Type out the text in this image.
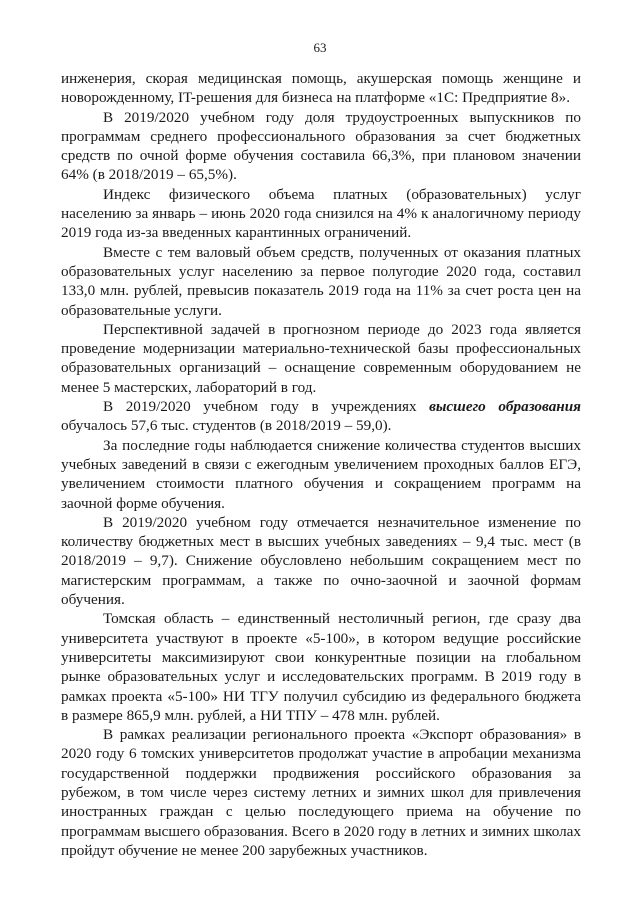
63

инженерия, скорая медицинская помощь, акушерская помощь женщине и новорожденному, IT-решения для бизнеса на платформе «1С: Предприятие 8».

В 2019/2020 учебном году доля трудоустроенных выпускников по программам среднего профессионального образования за счет бюджетных средств по очной форме обучения составила 66,3%, при плановом значении 64% (в 2018/2019 – 65,5%).

Индекс физического объема платных (образовательных) услуг населению за январь – июнь 2020 года снизился на 4% к аналогичному периоду 2019 года из-за введенных карантинных ограничений.

Вместе с тем валовый объем средств, полученных от оказания платных образовательных услуг населению за первое полугодие 2020 года, составил 133,0 млн. рублей, превысив показатель 2019 года на 11% за счет роста цен на образовательные услуги.

Перспективной задачей в прогнозном периоде до 2023 года является проведение модернизации материально-технической базы профессиональных образовательных организаций – оснащение современным оборудованием не менее 5 мастерских, лабораторий в год.

В 2019/2020 учебном году в учреждениях высшего образования обучалось 57,6 тыс. студентов (в 2018/2019 – 59,0).

За последние годы наблюдается снижение количества студентов высших учебных заведений в связи с ежегодным увеличением проходных баллов ЕГЭ, увеличением стоимости платного обучения и сокращением программ на заочной форме обучения.

В 2019/2020 учебном году отмечается незначительное изменение по количеству бюджетных мест в высших учебных заведениях – 9,4 тыс. мест (в 2018/2019 – 9,7). Снижение обусловлено небольшим сокращением мест по магистерским программам, а также по очно-заочной и заочной формам обучения.

Томская область – единственный нестоличный регион, где сразу два университета участвуют в проекте «5-100», в котором ведущие российские университеты максимизируют свои конкурентные позиции на глобальном рынке образовательных услуг и исследовательских программ. В 2019 году в рамках проекта «5-100» НИ ТГУ получил субсидию из федерального бюджета в размере 865,9 млн. рублей, а НИ ТПУ – 478 млн. рублей.

В рамках реализации регионального проекта «Экспорт образования» в 2020 году 6 томских университетов продолжат участие в апробации механизма государственной поддержки продвижения российского образования за рубежом, в том числе через систему летних и зимних школ для привлечения иностранных граждан с целью последующего приема на обучение по программам высшего образования. Всего в 2020 году в летних и зимних школах пройдут обучение не менее 200 зарубежных участников.
